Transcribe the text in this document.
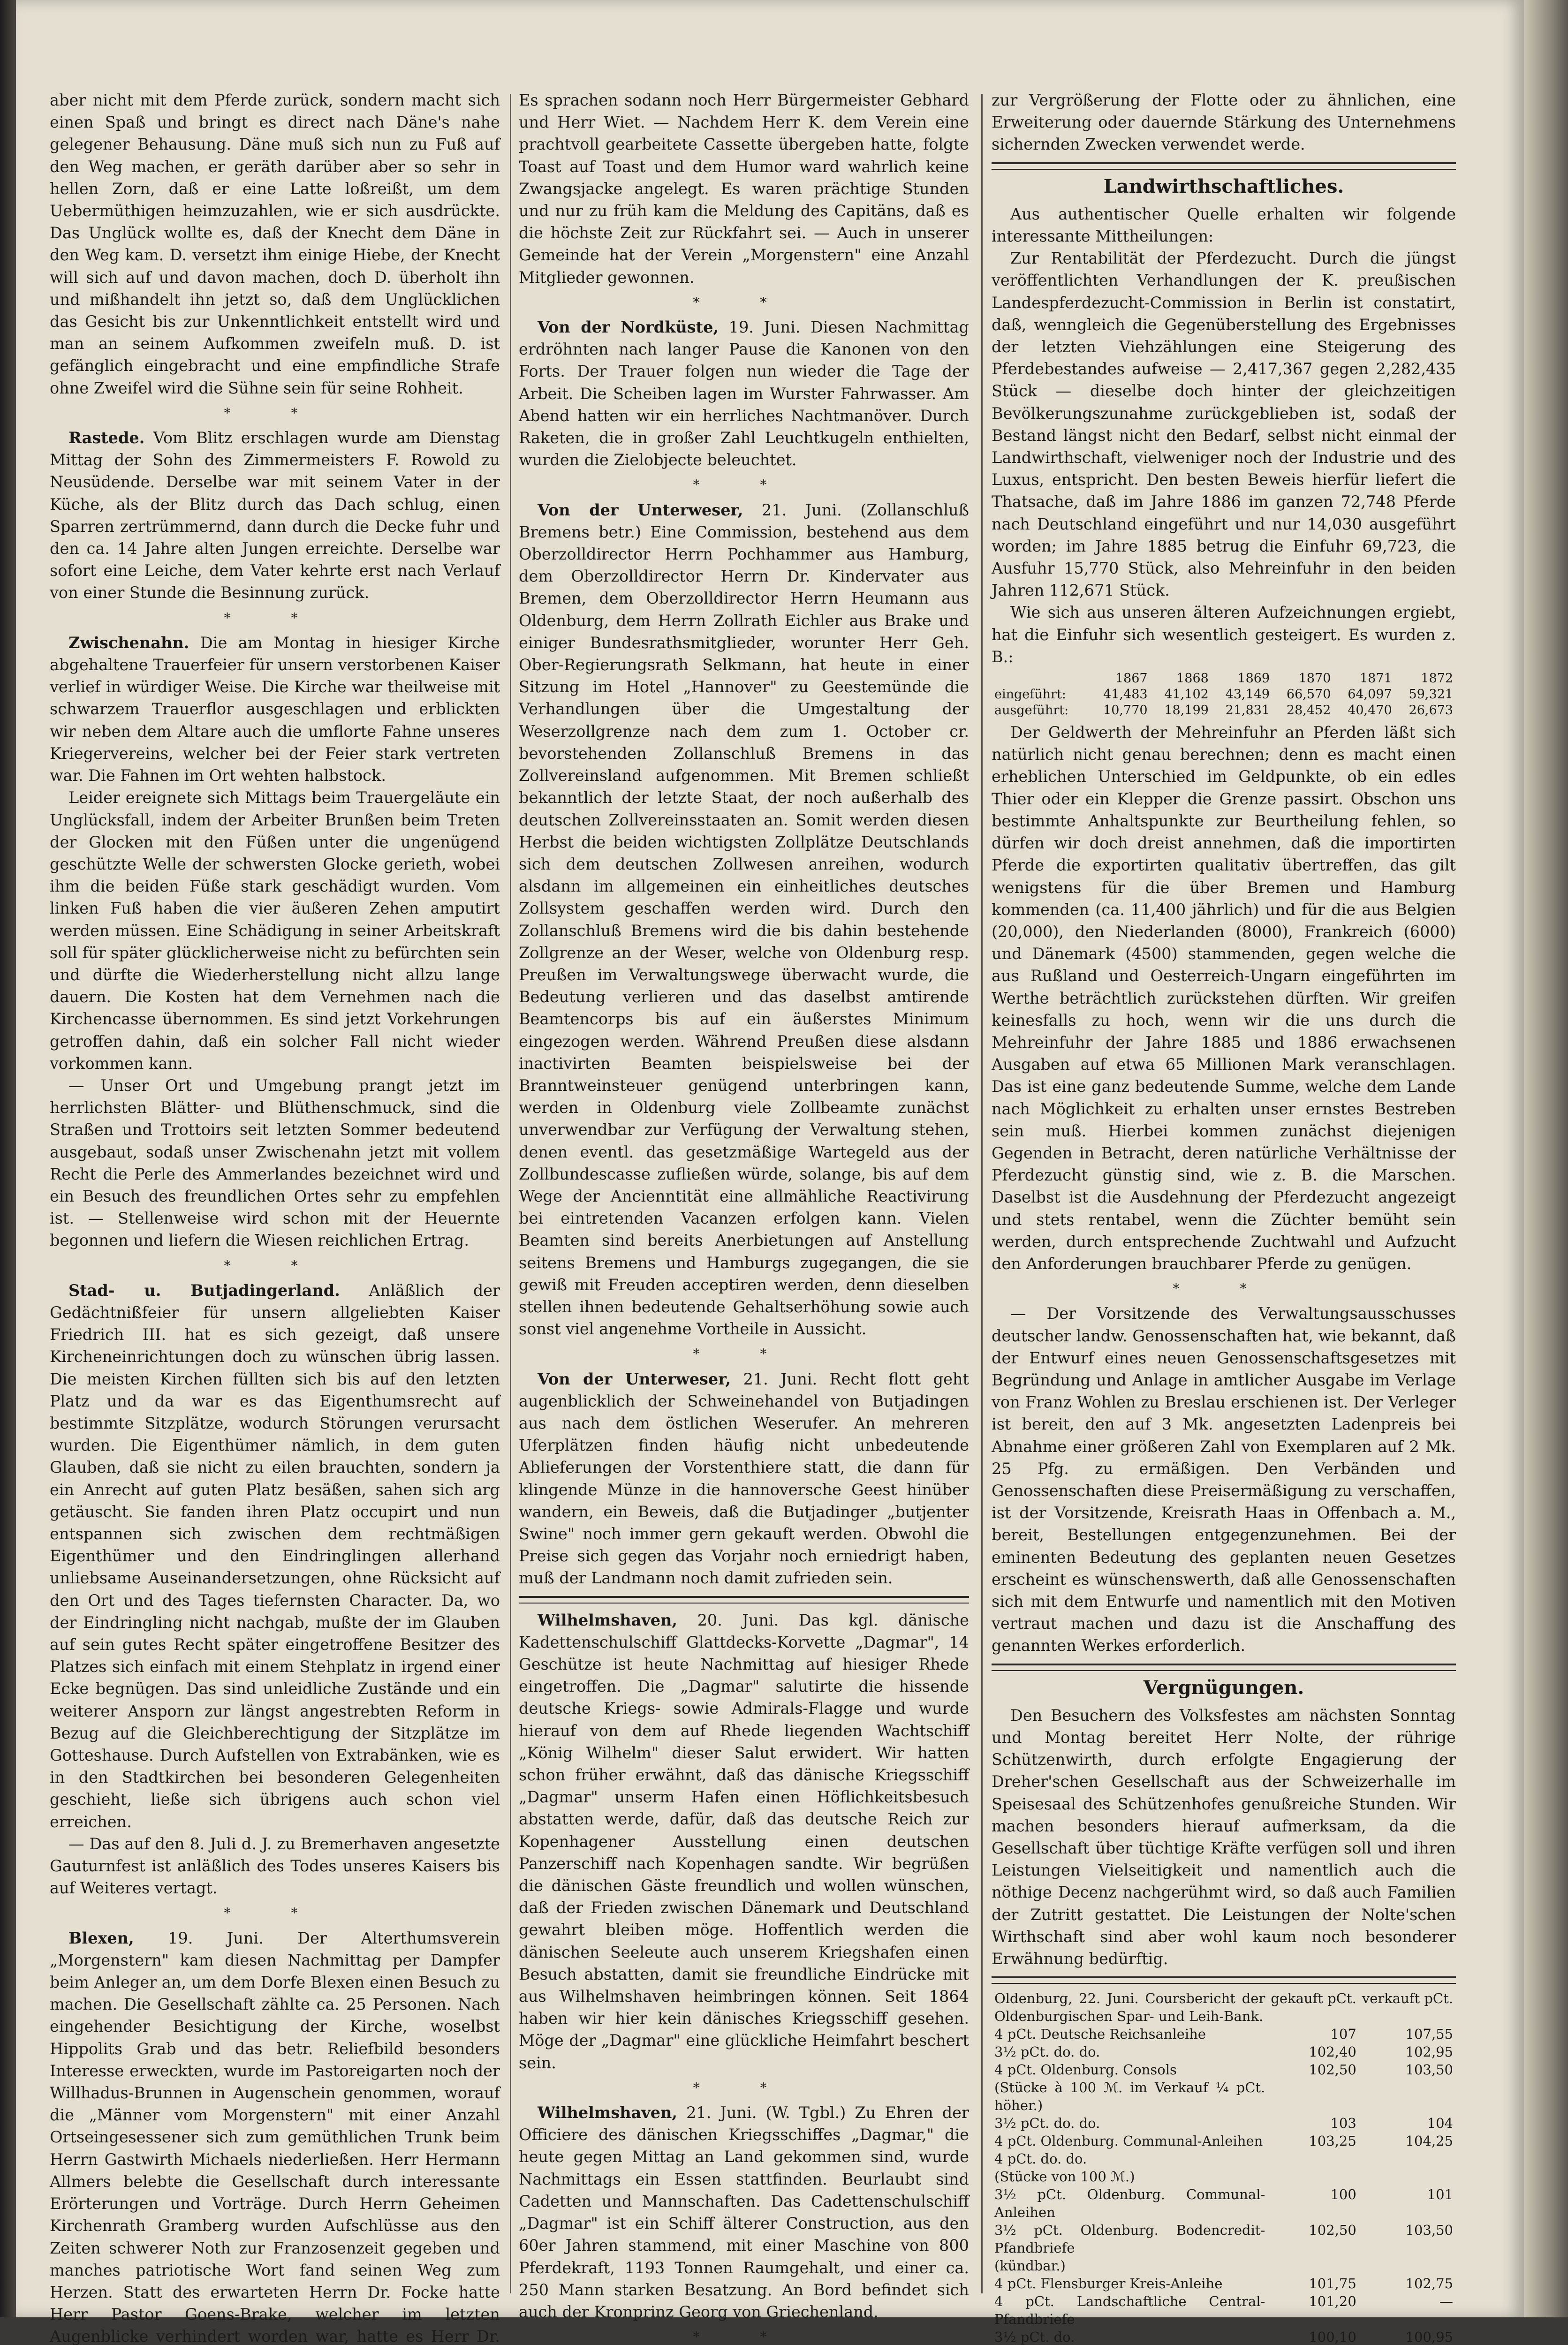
aber nicht mit dem Pferde zurück, sondern macht sich einen Spaß und bringt es direct nach Däne's nahe gelegener Behausung. Däne muß sich nun zu Fuß auf den Weg machen, er geräth darüber aber so sehr in hellen Zorn, daß er eine Latte loßreißt, um dem Uebermüthigen heimzuzahlen, wie er sich ausdrückte. Das Unglück wollte es, daß der Knecht dem Däne in den Weg kam. D. versetzt ihm einige Hiebe, der Knecht will sich auf und davon machen, doch D. überholt ihn und mißhandelt ihn jetzt so, daß dem Unglücklichen das Gesicht bis zur Unkenntlichkeit entstellt wird und man an seinem Aufkommen zweifeln muß. D. ist gefänglich eingebracht und eine empfindliche Strafe ohne Zweifel wird die Sühne sein für seine Rohheit.

* *

Rastede. Vom Blitz erschlagen wurde am Dienstag Mittag der Sohn des Zimmermeisters F. Rowold zu Neusüdende. Derselbe war mit seinem Vater in der Küche, als der Blitz durch das Dach schlug, einen Sparren zertrümmernd, dann durch die Decke fuhr und den ca. 14 Jahre alten Jungen erreichte. Derselbe war sofort eine Leiche, dem Vater kehrte erst nach Verlauf von einer Stunde die Besinnung zurück.

* *

Zwischenahn. Die am Montag in hiesiger Kirche abgehaltene Trauerfeier für unsern verstorbenen Kaiser verlief in würdiger Weise. Die Kirche war theilweise mit schwarzem Trauerflor ausgeschlagen und erblickten wir neben dem Altare auch die umflorte Fahne unseres Kriegervereins, welcher bei der Feier stark vertreten war. Die Fahnen im Ort wehten halbstock.

Leider ereignete sich Mittags beim Trauergeläute ein Unglücksfall, indem der Arbeiter Brunßen beim Treten der Glocken mit den Füßen unter die ungenügend geschützte Welle der schwersten Glocke gerieth, wobei ihm die beiden Füße stark geschädigt wurden. Vom linken Fuß haben die vier äußeren Zehen amputirt werden müssen. Eine Schädigung in seiner Arbeitskraft soll für später glücklicherweise nicht zu befürchten sein und dürfte die Wiederherstellung nicht allzu lange dauern. Die Kosten hat dem Vernehmen nach die Kirchencasse übernommen. Es sind jetzt Vorkehrungen getroffen dahin, daß ein solcher Fall nicht wieder vorkommen kann.

— Unser Ort und Umgebung prangt jetzt im herrlichsten Blätter- und Blüthenschmuck, sind die Straßen und Trottoirs seit letzten Sommer bedeutend ausgebaut, sodaß unser Zwischenahn jetzt mit vollem Recht die Perle des Ammerlandes bezeichnet wird und ein Besuch des freundlichen Ortes sehr zu empfehlen ist. — Stellenweise wird schon mit der Heuernte begonnen und liefern die Wiesen reichlichen Ertrag.

* *

Stad- u. Butjadingerland. Anläßlich der Gedächtnißfeier für unsern allgeliebten Kaiser Friedrich III. hat es sich gezeigt, daß unsere Kircheneinrichtungen doch zu wünschen übrig lassen. Die meisten Kirchen füllten sich bis auf den letzten Platz und da war es das Eigenthumsrecht auf bestimmte Sitzplätze, wodurch Störungen verursacht wurden. Die Eigenthümer nämlich, in dem guten Glauben, daß sie nicht zu eilen brauchten, sondern ja ein Anrecht auf guten Platz besäßen, sahen sich arg getäuscht. Sie fanden ihren Platz occupirt und nun entspannen sich zwischen dem rechtmäßigen Eigenthümer und den Eindringlingen allerhand unliebsame Auseinandersetzungen, ohne Rücksicht auf den Ort und des Tages tiefernsten Character. Da, wo der Eindringling nicht nachgab, mußte der im Glauben auf sein gutes Recht später eingetroffene Besitzer des Platzes sich einfach mit einem Stehplatz in irgend einer Ecke begnügen. Das sind unleidliche Zustände und ein weiterer Ansporn zur längst angestrebten Reform in Bezug auf die Gleichberechtigung der Sitzplätze im Gotteshause. Durch Aufstellen von Extrabänken, wie es in den Stadtkirchen bei besonderen Gelegenheiten geschieht, ließe sich übrigens auch schon viel erreichen.

— Das auf den 8. Juli d. J. zu Bremerhaven angesetzte Gauturnfest ist anläßlich des Todes unseres Kaisers bis auf Weiteres vertagt.

* *

Blexen, 19. Juni. Der Alterthumsverein „Morgenstern" kam diesen Nachmittag per Dampfer beim Anleger an, um dem Dorfe Blexen einen Besuch zu machen. Die Gesellschaft zählte ca. 25 Personen. Nach eingehender Besichtigung der Kirche, woselbst Hippolits Grab und das betr. Reliefbild besonders Interesse erweckten, wurde im Pastoreigarten noch der Willhadus-Brunnen in Augenschein genommen, worauf die „Männer vom Morgenstern" mit einer Anzahl Ortseingesessener sich zum gemüthlichen Trunk beim Herrn Gastwirth Michaels niederließen. Herr Hermann Allmers belebte die Gesellschaft durch interessante Erörterungen und Vorträge. Durch Herrn Geheimen Kirchenrath Gramberg wurden Aufschlüsse aus den Zeiten schwerer Noth zur Franzosenzeit gegeben und manches patriotische Wort fand seinen Weg zum Herzen. Statt des erwarteten Herrn Dr. Focke hatte Herr Pastor Goens-Brake, welcher im letzten Augenblicke verhindert worden war, hatte es Herr Dr.

Es sprachen sodann noch Herr Bürgermeister Gebhard und Herr Wiet. — Nachdem Herr K. dem Verein eine prachtvoll gearbeitete Cassette übergeben hatte, folgte Toast auf Toast und dem Humor ward wahrlich keine Zwangsjacke angelegt. Es waren prächtige Stunden und nur zu früh kam die Meldung des Capitäns, daß es die höchste Zeit zur Rückfahrt sei. — Auch in unserer Gemeinde hat der Verein „Morgenstern" eine Anzahl Mitglieder gewonnen.

* *

Von der Nordküste, 19. Juni. Diesen Nachmittag erdröhnten nach langer Pause die Kanonen von den Forts. Der Trauer folgen nun wieder die Tage der Arbeit. Die Scheiben lagen im Wurster Fahrwasser. Am Abend hatten wir ein herrliches Nachtmanöver. Durch Raketen, die in großer Zahl Leuchtkugeln enthielten, wurden die Zielobjecte beleuchtet.

* *

Von der Unterweser, 21. Juni. (Zollanschluß Bremens betr.) Eine Commission, bestehend aus dem Oberzolldirector Herrn Pochhammer aus Hamburg, dem Oberzolldirector Herrn Dr. Kindervater aus Bremen, dem Oberzolldirector Herrn Heumann aus Oldenburg, dem Herrn Zollrath Eichler aus Brake und einiger Bundesrathsmitglieder, worunter Herr Geh. Ober-Regierungsrath Selkmann, hat heute in einer Sitzung im Hotel „Hannover" zu Geestemünde die Verhandlungen über die Umgestaltung der Weserzollgrenze nach dem zum 1. October cr. bevorstehenden Zollanschluß Bremens in das Zollvereinsland aufgenommen. Mit Bremen schließt bekanntlich der letzte Staat, der noch außerhalb des deutschen Zollvereinsstaaten an. Somit werden diesen Herbst die beiden wichtigsten Zollplätze Deutschlands sich dem deutschen Zollwesen anreihen, wodurch alsdann im allgemeinen ein einheitliches deutsches Zollsystem geschaffen werden wird. Durch den Zollanschluß Bremens wird die bis dahin bestehende Zollgrenze an der Weser, welche von Oldenburg resp. Preußen im Verwaltungswege überwacht wurde, die Bedeutung verlieren und das daselbst amtirende Beamtencorps bis auf ein äußerstes Minimum eingezogen werden. Während Preußen diese alsdann inactivirten Beamten beispielsweise bei der Branntweinsteuer genügend unterbringen kann, werden in Oldenburg viele Zollbeamte zunächst unverwendbar zur Verfügung der Verwaltung stehen, denen eventl. das gesetzmäßige Wartegeld aus der Zollbundescasse zufließen würde, solange, bis auf dem Wege der Ancienntität eine allmähliche Reactivirung bei eintretenden Vacanzen erfolgen kann. Vielen Beamten sind bereits Anerbietungen auf Anstellung seitens Bremens und Hamburgs zugegangen, die sie gewiß mit Freuden acceptiren werden, denn dieselben stellen ihnen bedeutende Gehaltserhöhung sowie auch sonst viel angenehme Vortheile in Aussicht.

* *

Von der Unterweser, 21. Juni. Recht flott geht augenblicklich der Schweinehandel von Butjadingen aus nach dem östlichen Weserufer. An mehreren Uferplätzen finden häufig nicht unbedeutende Ablieferungen der Vorstenthiere statt, die dann für klingende Münze in die hannoversche Geest hinüber wandern, ein Beweis, daß die Butjadinger „butjenter Swine" noch immer gern gekauft werden. Obwohl die Preise sich gegen das Vorjahr noch erniedrigt haben, muß der Landmann noch damit zufrieden sein.

Wilhelmshaven, 20. Juni. Das kgl. dänische Kadettenschulschiff Glattdecks-Korvette „Dagmar", 14 Geschütze ist heute Nachmittag auf hiesiger Rhede eingetroffen. Die „Dagmar" salutirte die hissende deutsche Kriegs- sowie Admirals-Flagge und wurde hierauf von dem auf Rhede liegenden Wachtschiff „König Wilhelm" dieser Salut erwidert. Wir hatten schon früher erwähnt, daß das dänische Kriegsschiff „Dagmar" unserm Hafen einen Höflichkeitsbesuch abstatten werde, dafür, daß das deutsche Reich zur Kopenhagener Ausstellung einen deutschen Panzerschiff nach Kopenhagen sandte. Wir begrüßen die dänischen Gäste freundlich und wollen wünschen, daß der Frieden zwischen Dänemark und Deutschland gewahrt bleiben möge. Hoffentlich werden die dänischen Seeleute auch unserem Kriegshafen einen Besuch abstatten, damit sie freundliche Eindrücke mit aus Wilhelmshaven heimbringen können. Seit 1864 haben wir hier kein dänisches Kriegsschiff gesehen. Möge der „Dagmar" eine glückliche Heimfahrt beschert sein.

* *

Wilhelmshaven, 21. Juni. (W. Tgbl.) Zu Ehren der Officiere des dänischen Kriegsschiffes „Dagmar," die heute gegen Mittag an Land gekommen sind, wurde Nachmittags ein Essen stattfinden. Beurlaubt sind Cadetten und Mannschaften. Das Cadettenschulschiff „Dagmar" ist ein Schiff älterer Construction, aus den 60er Jahren stammend, mit einer Maschine von 800 Pferdekraft, 1193 Tonnen Raumgehalt, und einer ca. 250 Mann starken Besatzung. An Bord befindet sich auch der Kronprinz Georg von Griechenland.

* *

zur Vergrößerung der Flotte oder zu ähnlichen, eine Erweiterung oder dauernde Stärkung des Unternehmens sichernden Zwecken verwendet werde.

Landwirthschaftliches.

Aus authentischer Quelle erhalten wir folgende interessante Mittheilungen:

Zur Rentabilität der Pferdezucht. Durch die jüngst veröffentlichten Verhandlungen der K. preußischen Landespferdezucht-Commission in Berlin ist constatirt, daß, wenngleich die Gegenüberstellung des Ergebnisses der letzten Viehzählungen eine Steigerung des Pferdebestandes aufweise — 2,417,367 gegen 2,282,435 Stück — dieselbe doch hinter der gleichzeitigen Bevölkerungszunahme zurückgeblieben ist, sodaß der Bestand längst nicht den Bedarf, selbst nicht einmal der Landwirthschaft, vielweniger noch der Industrie und des Luxus, entspricht. Den besten Beweis hierfür liefert die Thatsache, daß im Jahre 1886 im ganzen 72,748 Pferde nach Deutschland eingeführt und nur 14,030 ausgeführt worden; im Jahre 1885 betrug die Einfuhr 69,723, die Ausfuhr 15,770 Stück, also Mehreinfuhr in den beiden Jahren 112,671 Stück.

Wie sich aus unseren älteren Aufzeichnungen ergiebt, hat die Einfuhr sich wesentlich gesteigert. Es wurden z. B.:

	1867	1868	1869	1870	1871	1872
eingeführt:	41,483	41,102	43,149	66,570	64,097	59,321
ausgeführt:	10,770	18,199	21,831	28,452	40,470	26,673

Der Geldwerth der Mehreinfuhr an Pferden läßt sich natürlich nicht genau berechnen; denn es macht einen erheblichen Unterschied im Geldpunkte, ob ein edles Thier oder ein Klepper die Grenze passirt. Obschon uns bestimmte Anhaltspunkte zur Beurtheilung fehlen, so dürfen wir doch dreist annehmen, daß die importirten Pferde die exportirten qualitativ übertreffen, das gilt wenigstens für die über Bremen und Hamburg kommenden (ca. 11,400 jährlich) und für die aus Belgien (20,000), den Niederlanden (8000), Frankreich (6000) und Dänemark (4500) stammenden, gegen welche die aus Rußland und Oesterreich-Ungarn eingeführten im Werthe beträchtlich zurückstehen dürften. Wir greifen keinesfalls zu hoch, wenn wir die uns durch die Mehreinfuhr der Jahre 1885 und 1886 erwachsenen Ausgaben auf etwa 65 Millionen Mark veranschlagen. Das ist eine ganz bedeutende Summe, welche dem Lande nach Möglichkeit zu erhalten unser ernstes Bestreben sein muß. Hierbei kommen zunächst diejenigen Gegenden in Betracht, deren natürliche Verhältnisse der Pferdezucht günstig sind, wie z. B. die Marschen. Daselbst ist die Ausdehnung der Pferdezucht angezeigt und stets rentabel, wenn die Züchter bemüht sein werden, durch entsprechende Zuchtwahl und Aufzucht den Anforderungen brauchbarer Pferde zu genügen.

* *

— Der Vorsitzende des Verwaltungsausschusses deutscher landw. Genossenschaften hat, wie bekannt, daß der Entwurf eines neuen Genossenschaftsgesetzes mit Begründung und Anlage in amtlicher Ausgabe im Verlage von Franz Wohlen zu Breslau erschienen ist. Der Verleger ist bereit, den auf 3 Mk. angesetzten Ladenpreis bei Abnahme einer größeren Zahl von Exemplaren auf 2 Mk. 25 Pfg. zu ermäßigen. Den Verbänden und Genossenschaften diese Preisermäßigung zu verschaffen, ist der Vorsitzende, Kreisrath Haas in Offenbach a. M., bereit, Bestellungen entgegenzunehmen. Bei der eminenten Bedeutung des geplanten neuen Gesetzes erscheint es wünschenswerth, daß alle Genossenschaften sich mit dem Entwurfe und namentlich mit den Motiven vertraut machen und dazu ist die Anschaffung des genannten Werkes erforderlich.

Vergnügungen.

Den Besuchern des Volksfestes am nächsten Sonntag und Montag bereitet Herr Nolte, der rührige Schützenwirth, durch erfolgte Engagierung der Dreher'schen Gesellschaft aus der Schweizerhalle im Speisesaal des Schützenhofes genußreiche Stunden. Wir machen besonders hierauf aufmerksam, da die Gesellschaft über tüchtige Kräfte verfügen soll und ihren Leistungen Vielseitigkeit und namentlich auch die nöthige Decenz nachgerühmt wird, so daß auch Familien der Zutritt gestattet. Die Leistungen der Nolte'schen Wirthschaft sind aber wohl kaum noch besonderer Erwähnung bedürftig.

Oldenburg, 22. Juni. Coursbericht der Oldenburgischen Spar- und Leih-Bank.	gekauft pCt.	verkauft pCt.
4 pCt. Deutsche Reichsanleihe	107	107,55
3½ pCt. do. do.	102,40	102,95
4 pCt. Oldenburg. Consols	102,50	103,50
(Stücke à 100 ℳ. im Verkauf ¼ pCt. höher.)		
3½ pCt. do. do.	103	104
4 pCt. Oldenburg. Communal-Anleihen	103,25	104,25
4 pCt. do. do.		
(Stücke von 100 ℳ.)		
3½ pCt. Oldenburg. Communal-Anleihen	100	101
3½ pCt. Oldenburg. Bodencredit-Pfandbriefe	102,50	103,50
(kündbar.)		
4 pCt. Flensburger Kreis-Anleihe	101,75	102,75
4 pCt. Landschaftliche Central-Pfandbriefe	101,20	—
3½ pCt. do.	100,10	100,95
